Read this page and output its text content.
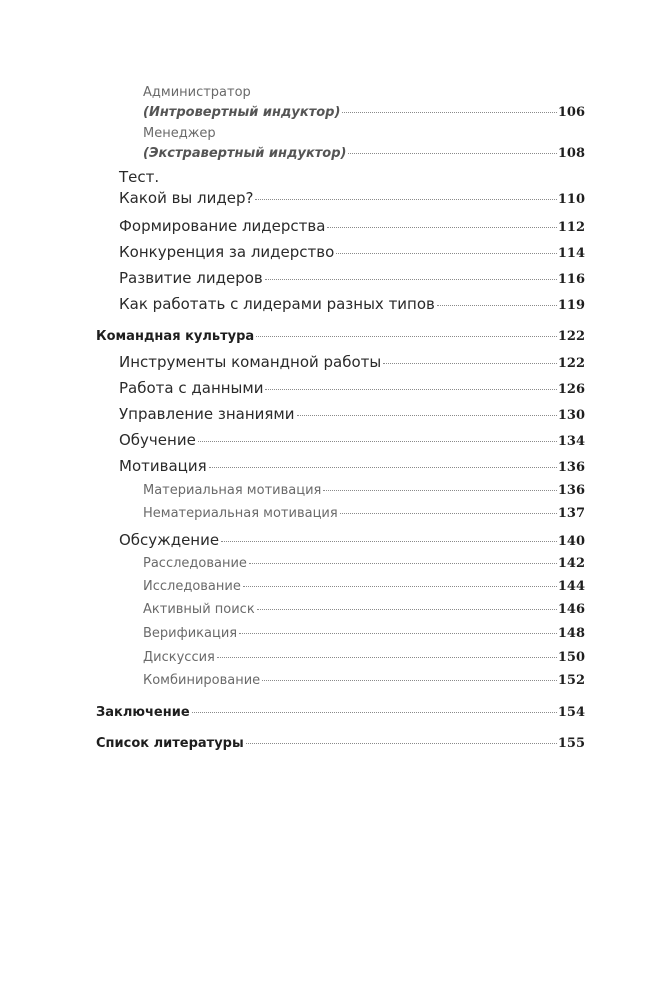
Администратор
(Интровертный индуктор)	106
Менеджер
(Экстравертный индуктор)	108
Тест.
Какой вы лидер?	110
Формирование лидерства	112
Конкуренция за лидерство	114
Развитие лидеров	116
Как работать с лидерами разных типов	119
Командная культура	122
Инструменты командной работы	122
Работа с данными	126
Управление знаниями	130
Обучение	134
Мотивация	136
Материальная мотивация	136
Нематериальная мотивация	137
Обсуждение	140
Расследование	142
Исследование	144
Активный поиск	146
Верификация	148
Дискуссия	150
Комбинирование	152
Заключение	154
Список литературы	155
